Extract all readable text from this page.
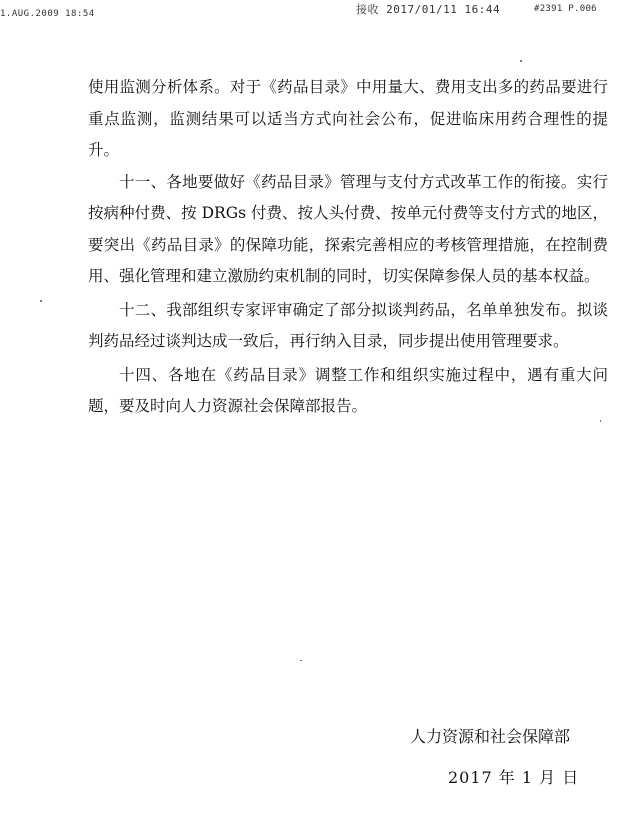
1.AUG.2009 18:54	接收 2017/01/11 16:44	#2391 P.006

使用监测分析体系。对于《药品目录》中用量大、费用支出多的药品要进行重点监测，监测结果可以适当方式向社会公布，促进临床用药合理性的提升。

十一、各地要做好《药品目录》管理与支付方式改革工作的衔接。实行按病种付费、按 DRGs 付费、按人头付费、按单元付费等支付方式的地区，要突出《药品目录》的保障功能，探索完善相应的考核管理措施，在控制费用、强化管理和建立激励约束机制的同时，切实保障参保人员的基本权益。

十二、我部组织专家评审确定了部分拟谈判药品，名单单独发布。拟谈判药品经过谈判达成一致后，再行纳入目录，同步提出使用管理要求。

十四、各地在《药品目录》调整工作和组织实施过程中，遇有重大问题，要及时向人力资源社会保障部报告。

人力资源和社会保障部
2017 年 1 月 日
